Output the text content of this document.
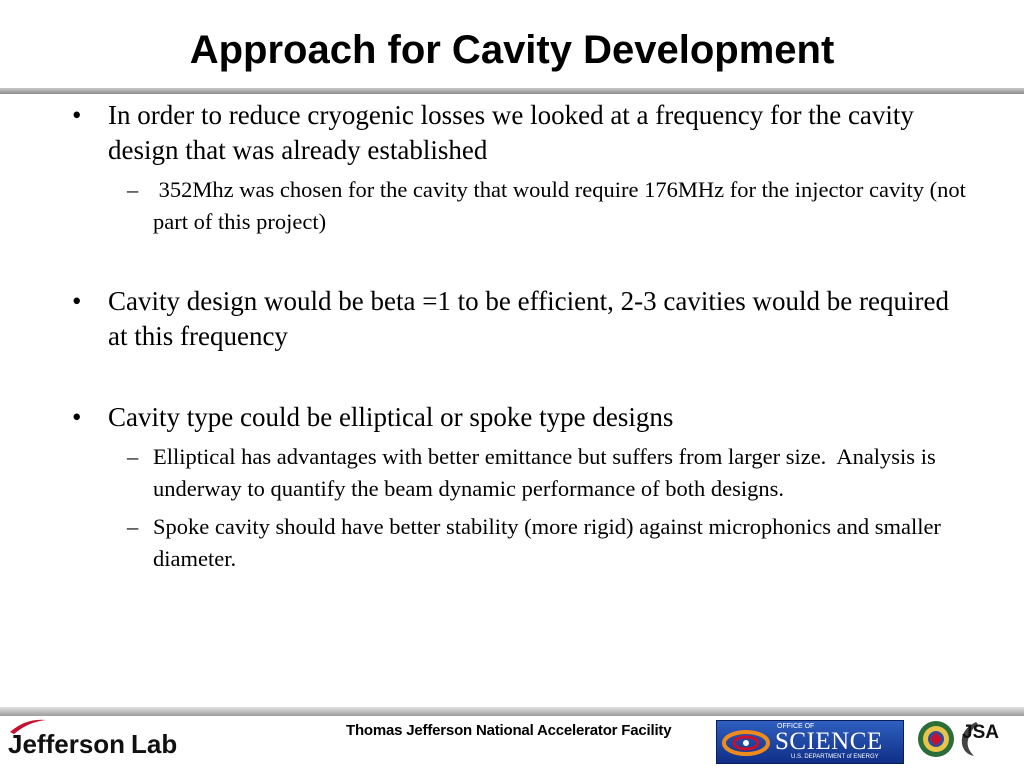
Approach for Cavity Development
• In order to reduce cryogenic losses we looked at a frequency for the cavity design that was already established
– 352Mhz was chosen for the cavity that would require 176MHz for the injector cavity (not part of this project)
• Cavity design would be beta =1 to be efficient, 2-3 cavities would be required at this frequency
• Cavity type could be elliptical or spoke type designs
– Elliptical has advantages with better emittance but suffers from larger size.  Analysis is underway to quantify the beam dynamic performance of both designs.
– Spoke cavity should have better stability (more rigid) against microphonics and smaller diameter.
Jefferson Lab	Thomas Jefferson National Accelerator Facility	OFFICE OF
SCIENCE
U.S. DEPARTMENT of ENERGY
JSA
